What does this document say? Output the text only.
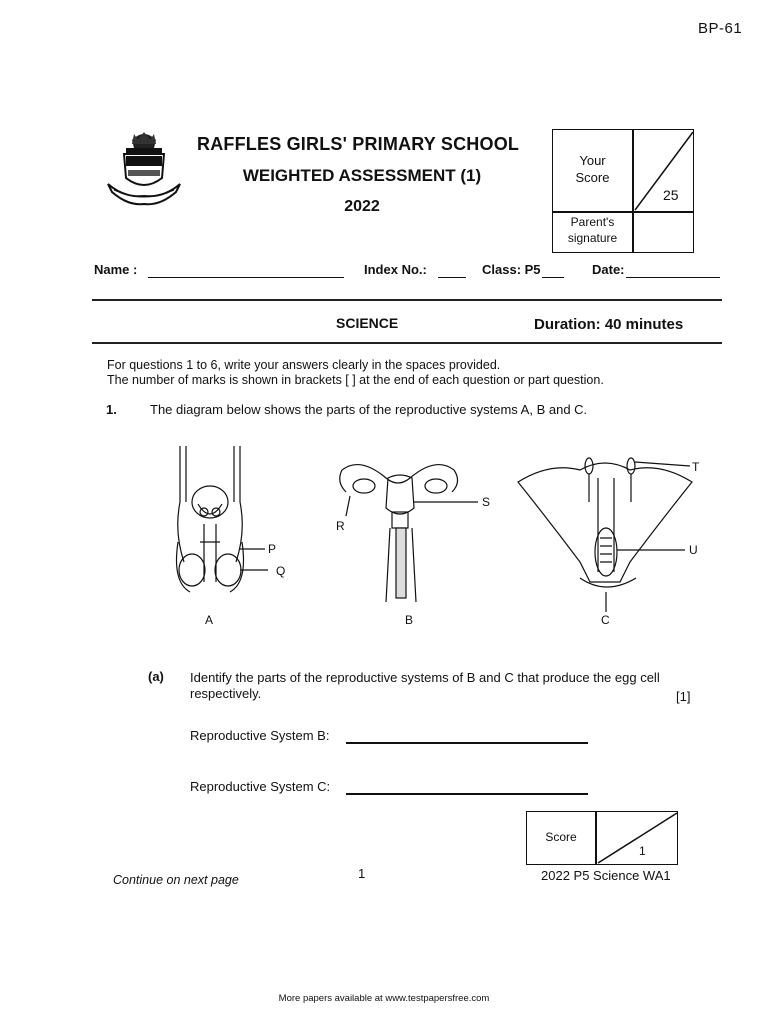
BP-61
RAFFLES GIRLS' PRIMARY SCHOOL
WEIGHTED ASSESSMENT (1)
2022
Your
Score
25
Parent's
signature
Name :	Index No.:	Class: P5	Date:
SCIENCE	Duration: 40 minutes
For questions 1 to 6, write your answers clearly in the spaces provided.
The number of marks is shown in brackets [ ] at the end of each question or part question.
1.	The diagram below shows the parts of the reproductive systems A, B and C.
P
Q
A
S
R
B
T
U
C
(a) Identify the parts of the reproductive systems of B and C that produce the egg cell respectively.	[1]
Reproductive System B:
Reproductive System C:
Score
1
Continue on next page	1	2022 P5 Science WA1
More papers available at www.testpapersfree.com
